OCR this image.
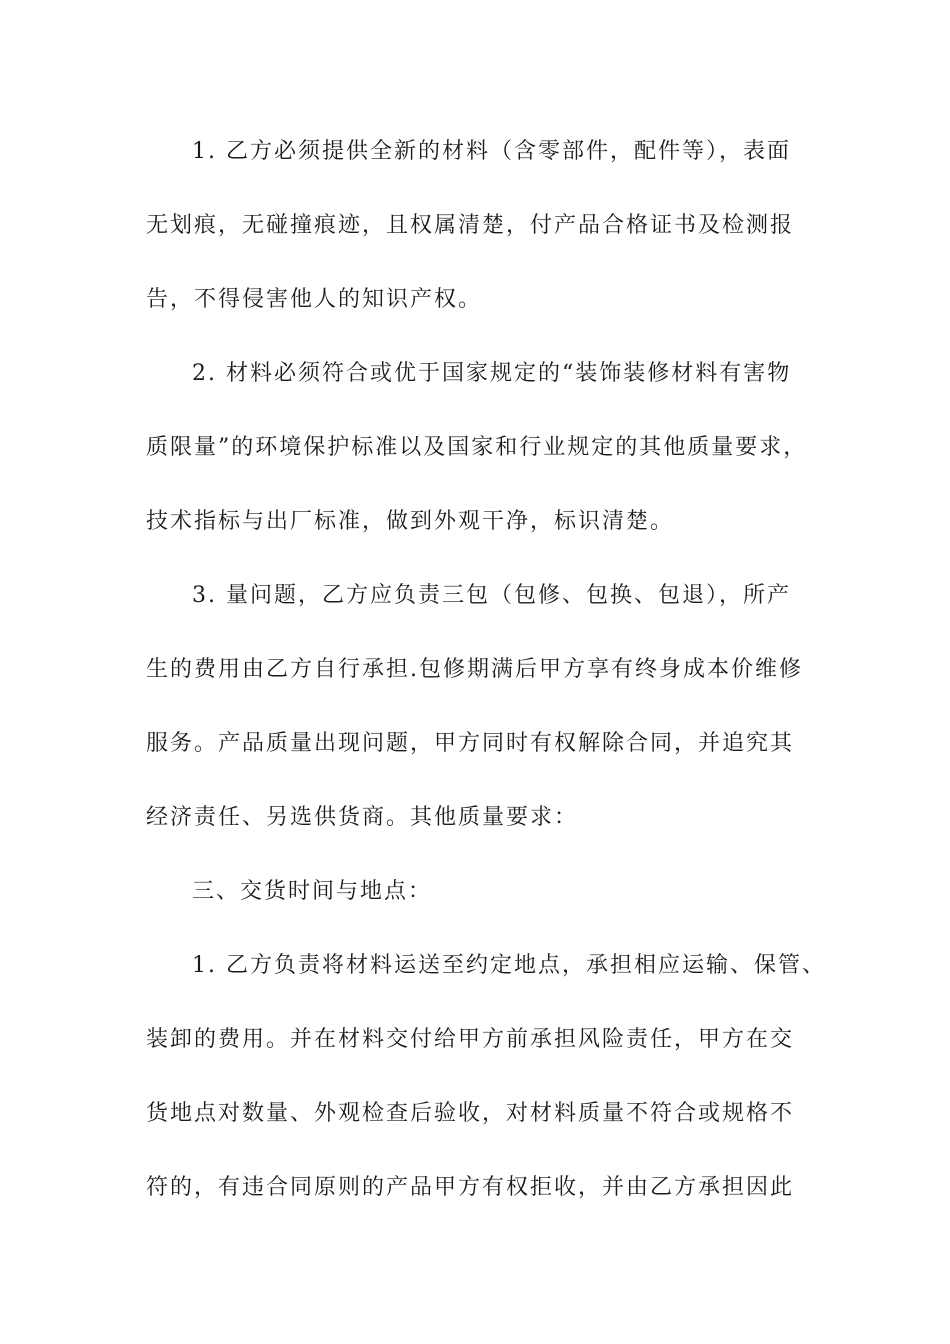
1. 乙方必须提供全新的材料（含零部件，配件等），表面
无划痕，无碰撞痕迹，且权属清楚，付产品合格证书及检测报
告，不得侵害他人的知识产权。
2. 材料必须符合或优于国家规定的“装饰装修材料有害物
质限量”的环境保护标准以及国家和行业规定的其他质量要求，
技术指标与出厂标准，做到外观干净，标识清楚。
3. 量问题，乙方应负责三包（包修、包换、包退），所产
生的费用由乙方自行承担.包修期满后甲方享有终身成本价维修
服务。产品质量出现问题，甲方同时有权解除合同，并追究其
经济责任、另选供货商。其他质量要求：
三、交货时间与地点：
1. 乙方负责将材料运送至约定地点，承担相应运输、保管、
装卸的费用。并在材料交付给甲方前承担风险责任，甲方在交
货地点对数量、外观检查后验收，对材料质量不符合或规格不
符的，有违合同原则的产品甲方有权拒收，并由乙方承担因此
